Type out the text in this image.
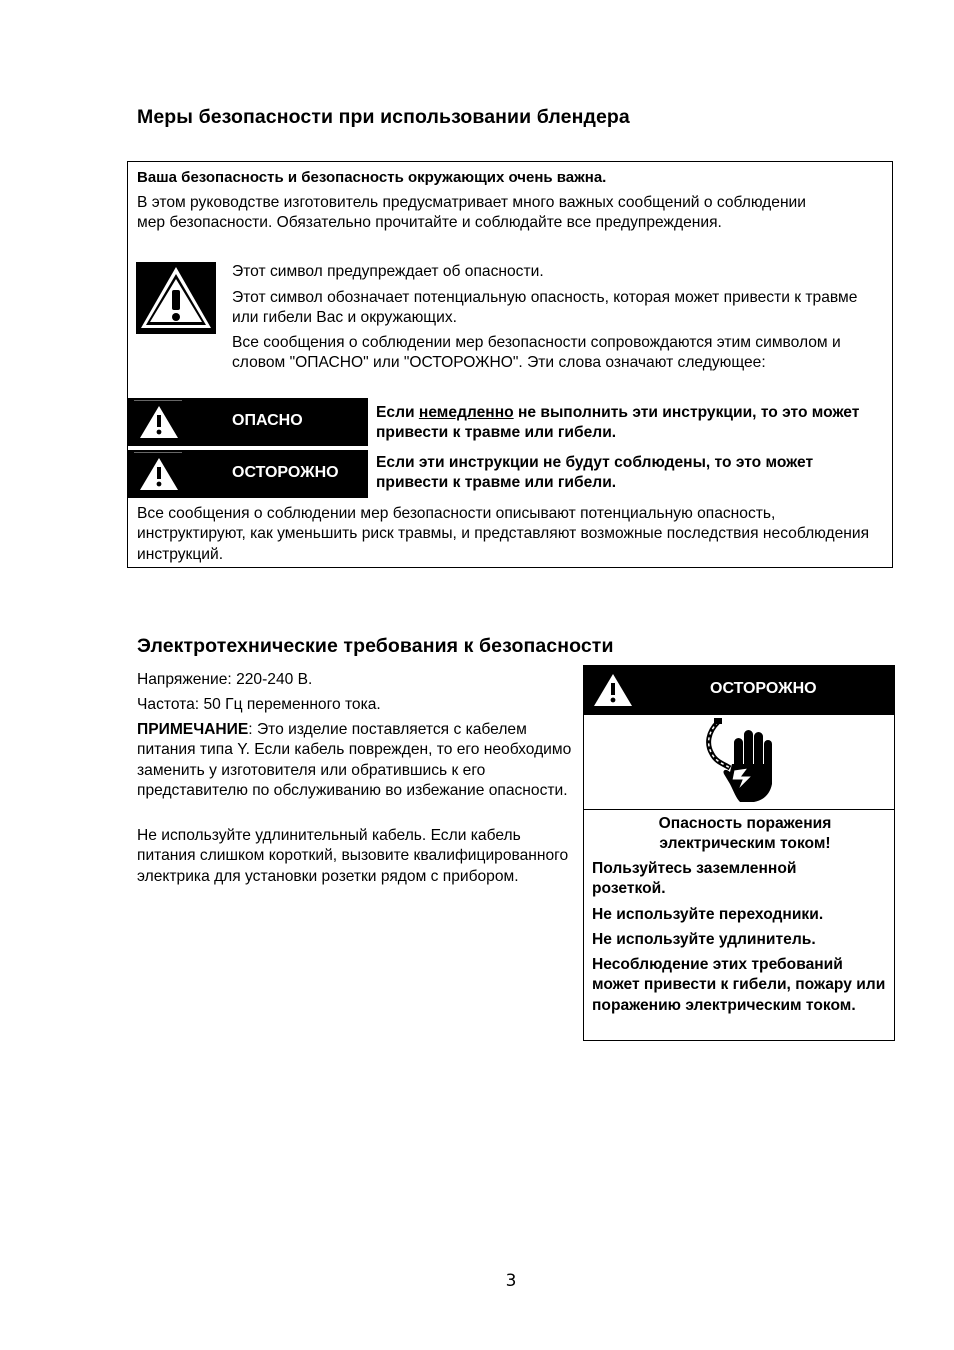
Меры безопасности при использовании блендера

Ваша безопасность и безопасность окружающих очень важна.

В этом руководстве изготовитель предусматривает много важных сообщений о соблюдении мер безопасности. Обязательно прочитайте и соблюдайте все предупреждения.

Этот символ предупреждает об опасности.

Этот символ обозначает потенциальную опасность, которая может привести к травме или гибели Вас и окружающих.

Все сообщения о соблюдении мер безопасности сопровождаются этим символом и словом "ОПАСНО" или "ОСТОРОЖНО". Эти слова означают следующее:

ОПАСНО	Если немедленно не выполнить эти инструкции, то это может привести к травме или гибели.

ОСТОРОЖНО

Если эти инструкции не будут соблюдены, то это может привести к травме или гибели.

Все сообщения о соблюдении мер безопасности описывают потенциальную опасность, инструктируют, как уменьшить риск травмы, и представляют возможные последствия несоблюдения инструкций.

Электротехнические требования к безопасности

Напряжение: 220-240 В.

Частота: 50 Гц переменного тока.

ПРИМЕЧАНИЕ: Это изделие поставляется с кабелем питания типа Y. Если кабель поврежден, то его необходимо заменить у изготовителя или обратившись к его представителю по обслуживанию во избежание опасности.

Не используйте удлинительный кабель. Если кабель питания слишком короткий, вызовите квалифицированного электрика для установки розетки рядом с прибором.

ОСТОРОЖНО

Опасность поражения электрическим током!

Пользуйтесь заземленной розеткой.

Не используйте переходники.

Не используйте удлинитель.

Несоблюдение этих требований может привести к гибели, пожару или поражению электрическим током.

3
